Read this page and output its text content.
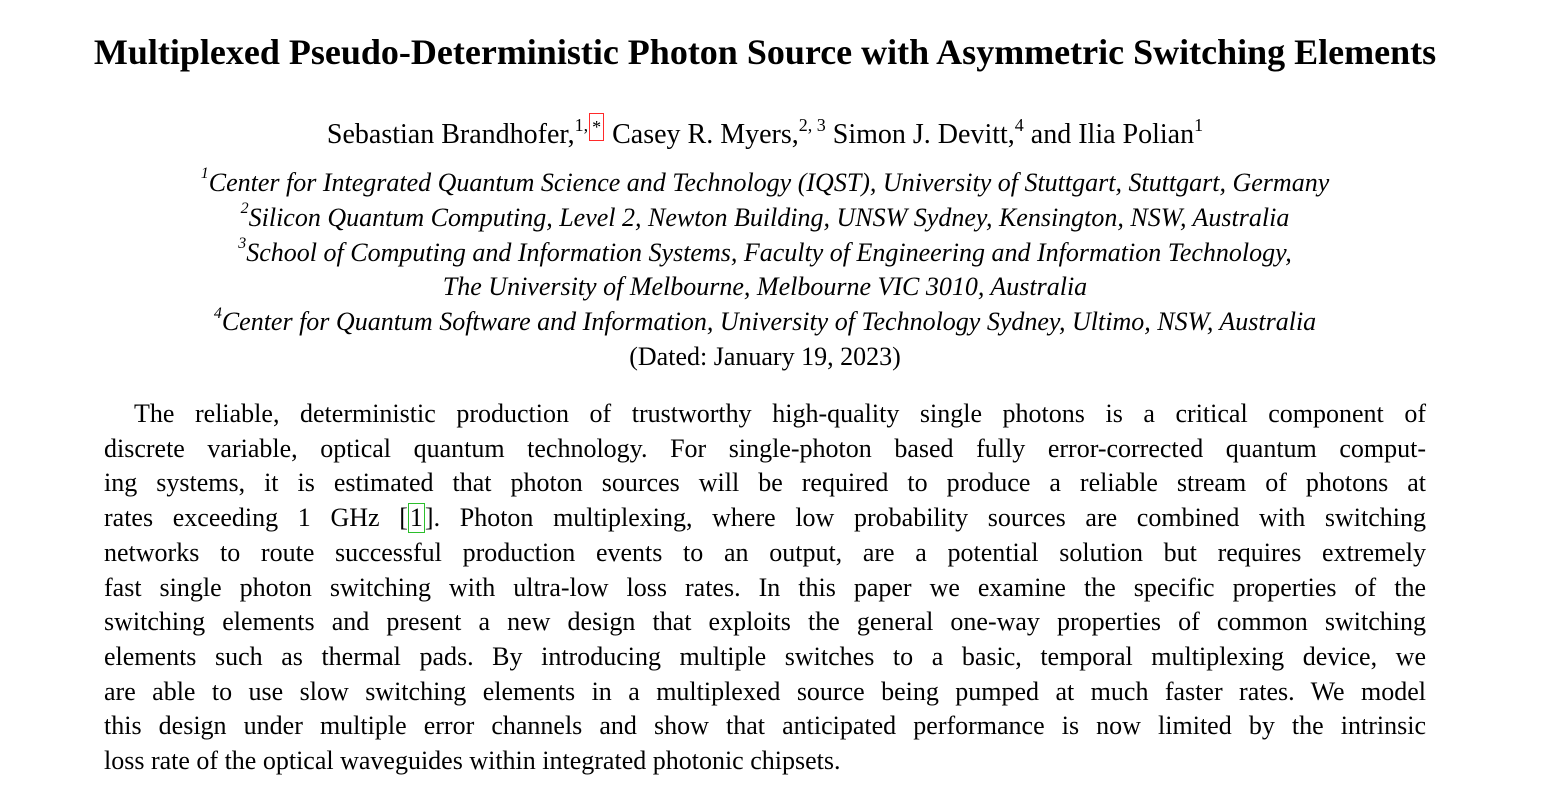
Multiplexed Pseudo-Deterministic Photon Source with Asymmetric Switching Elements
Sebastian Brandhofer,$^{1,}$ * Casey R. Myers,$^{2, 3}$ Simon J. Devitt,$^4$ and Ilia Polian$^1$
$^1$Center for Integrated Quantum Science and Technology (IQST), University of Stuttgart, Stuttgart, Germany
$^2$Silicon Quantum Computing, Level 2, Newton Building, UNSW Sydney, Kensington, NSW, Australia
$^3$School of Computing and Information Systems, Faculty of Engineering and Information Technology,
The University of Melbourne, Melbourne VIC 3010, Australia
$^4$Center for Quantum Software and Information, University of Technology Sydney, Ultimo, NSW, Australia
(Dated: January 19, 2023)
The reliable, deterministic production of trustworthy high-quality single photons is a critical component of
discrete variable, optical quantum technology. For single-photon based fully error-corrected quantum comput-
ing systems, it is estimated that photon sources will be required to produce a reliable stream of photons at
rates exceeding 1 GHz [1]. Photon multiplexing, where low probability sources are combined with switching
networks to route successful production events to an output, are a potential solution but requires extremely
fast single photon switching with ultra-low loss rates. In this paper we examine the specific properties of the
switching elements and present a new design that exploits the general one-way properties of common switching
elements such as thermal pads. By introducing multiple switches to a basic, temporal multiplexing device, we
are able to use slow switching elements in a multiplexed source being pumped at much faster rates. We model
this design under multiple error channels and show that anticipated performance is now limited by the intrinsic
loss rate of the optical waveguides within integrated photonic chipsets.
